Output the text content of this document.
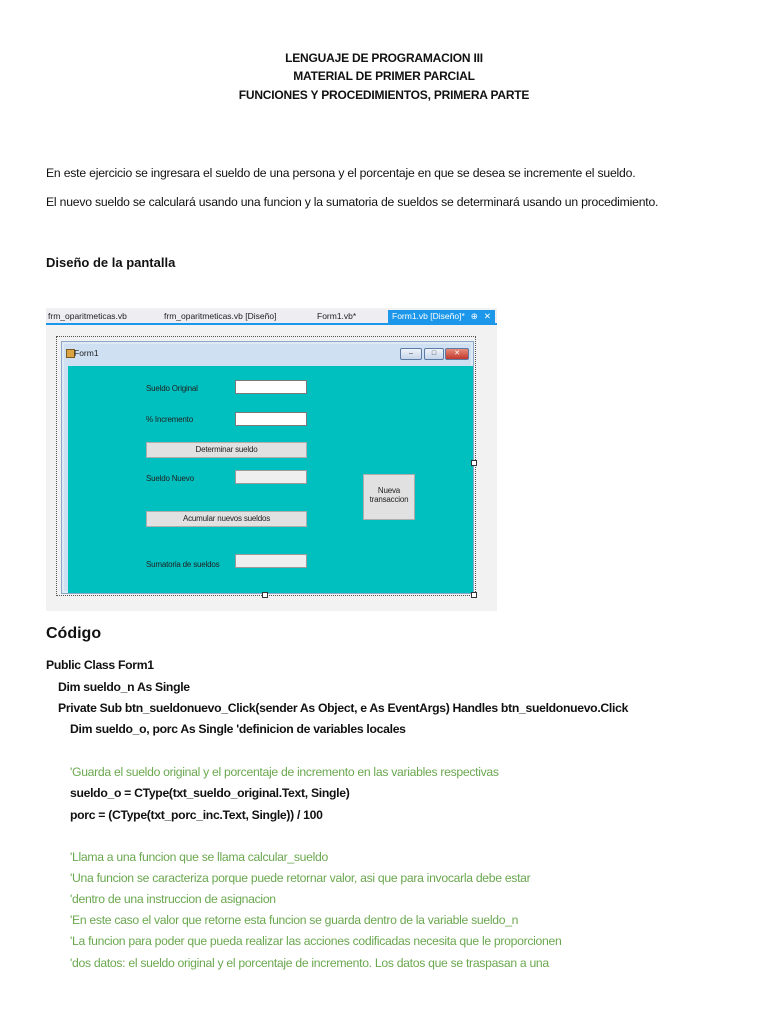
LENGUAJE DE PROGRAMACION III
MATERIAL DE PRIMER PARCIAL
FUNCIONES Y PROCEDIMIENTOS, PRIMERA PARTE
En este ejercicio se ingresara el sueldo de una persona y el porcentaje en que se desea se incremente el sueldo.
El nuevo sueldo se calculará usando una funcion y la sumatoria de sueldos se determinará usando un procedimiento.
Diseño de la pantalla
frm_oparitmeticas.vb	frm_oparitmeticas.vb [Diseño]	Form1.vb*	Form1.vb [Diseño]* ⊕ ✕
Form1	–	□	✕
Sueldo Original
% Incremento
Determinar sueldo
Sueldo Nuevo
Nueva
transaccion
Acumular nuevos sueldos
Sumatoria de sueldos
Código
Public Class Form1
Dim sueldo_n As Single
Private Sub btn_sueldonuevo_Click(sender As Object, e As EventArgs) Handles btn_sueldonuevo.Click
Dim sueldo_o, porc As Single 'definicion de variables locales
'Guarda el sueldo original y el porcentaje de incremento en las variables respectivas
sueldo_o = CType(txt_sueldo_original.Text, Single)
porc = (CType(txt_porc_inc.Text, Single)) / 100
'Llama a una funcion que se llama calcular_sueldo
'Una funcion se caracteriza porque puede retornar valor, asi que para invocarla debe estar
'dentro de una instruccion de asignacion
'En este caso el valor que retorne esta funcion se guarda dentro de la variable sueldo_n
'La funcion para poder que pueda realizar las acciones codificadas necesita que le proporcionen
'dos datos: el sueldo original y el porcentaje de incremento. Los datos que se traspasan a una
